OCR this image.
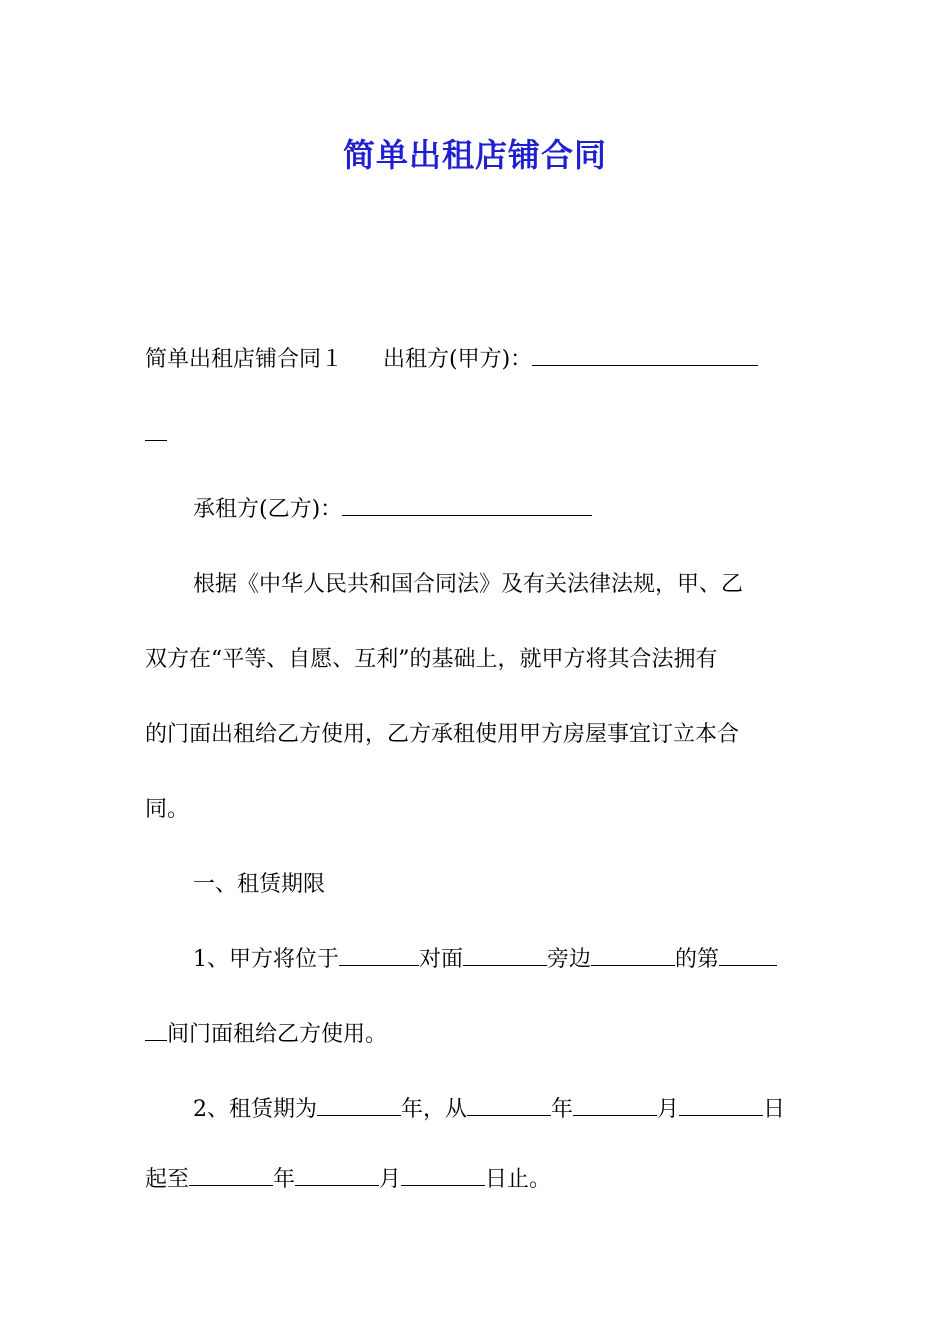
简单出租店铺合同
简单出租店铺合同１ 出租方(甲方)：
承租方(乙方)：
根据《中华人民共和国合同法》及有关法律法规，甲、乙
双方在“平等、自愿、互利”的基础上，就甲方将其合法拥有
的门面出租给乙方使用，乙方承租使用甲方房屋事宜订立本合
同。
一、租赁期限
1、甲方将位于	对面	旁边	的第
间门面租给乙方使用。
2、租赁期为	年，从	年	月	日
起至	年	月	日止。
